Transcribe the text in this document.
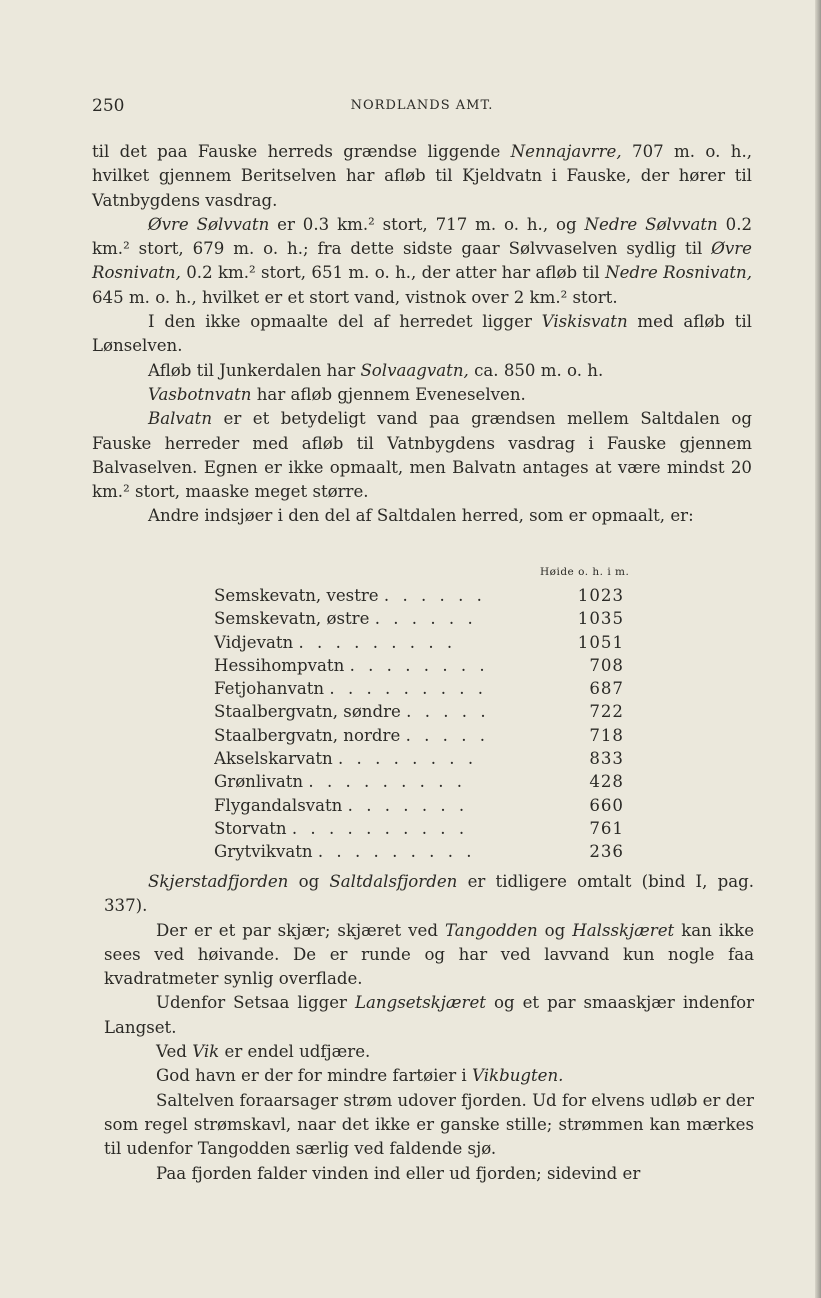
250	NORDLANDS AMT.

til det paa Fauske herreds grændse liggende Nennajavrre, 707 m. o. h., hvilket gjennem Beritselven har afløb til Kjeldvatn i Fauske, der hører til Vatnbygdens vasdrag.

Øvre Sølvvatn er 0.3 km.² stort, 717 m. o. h., og Nedre Sølvvatn 0.2 km.² stort, 679 m. o. h.; fra dette sidste gaar Sølvvaselven sydlig til Øvre Rosnivatn, 0.2 km.² stort, 651 m. o. h., der atter har afløb til Nedre Rosnivatn, 645 m. o. h., hvilket er et stort vand, vistnok over 2 km.² stort.

I den ikke opmaalte del af herredet ligger Viskisvatn med afløb til Lønselven.

Afløb til Junkerdalen har Solvaagvatn, ca. 850 m. o. h.

Vasbotnvatn har afløb gjennem Eveneselven.

Balvatn er et betydeligt vand paa grændsen mellem Saltdalen og Fauske herreder med afløb til Vatnbygdens vasdrag i Fauske gjennem Balvaselven. Egnen er ikke opmaalt, men Balvatn antages at være mindst 20 km.² stort, maaske meget større.

Andre indsjøer i den del af Saltdalen herred, som er opmaalt, er:

Høide o. h. i m.
Semskevatn, vestre . . . . . .	1023
Semskevatn, østre . . . . . .	1035
Vidjevatn . . . . . . . . .	1051
Hessihompvatn . . . . . . . .	708
Fetjohanvatn . . . . . . . . .	687
Staalbergvatn, søndre . . . . .	722
Staalbergvatn, nordre . . . . .	718
Akselskarvatn . . . . . . . .	833
Grønlivatn . . . . . . . . .	428
Flygandalsvatn . . . . . . .	660
Storvatn . . . . . . . . . .	761
Grytvikvatn . . . . . . . . .	236

Skjerstadfjorden og Saltdalsfjorden er tidligere omtalt (bind I, pag. 337).

Der er et par skjær; skjæret ved Tangodden og Halsskjæret kan ikke sees ved høivande. De er runde og har ved lavvand kun nogle faa kvadratmeter synlig overflade.

Udenfor Setsaa ligger Langsetskjæret og et par smaaskjær indenfor Langset.

Ved Vik er endel udfjære.

God havn er der for mindre fartøier i Vikbugten.

Saltelven foraarsager strøm udover fjorden. Ud for elvens udløb er der som regel strømskavl, naar det ikke er ganske stille; strømmen kan mærkes til udenfor Tangodden særlig ved faldende sjø.

Paa fjorden falder vinden ind eller ud fjorden; sidevind er
